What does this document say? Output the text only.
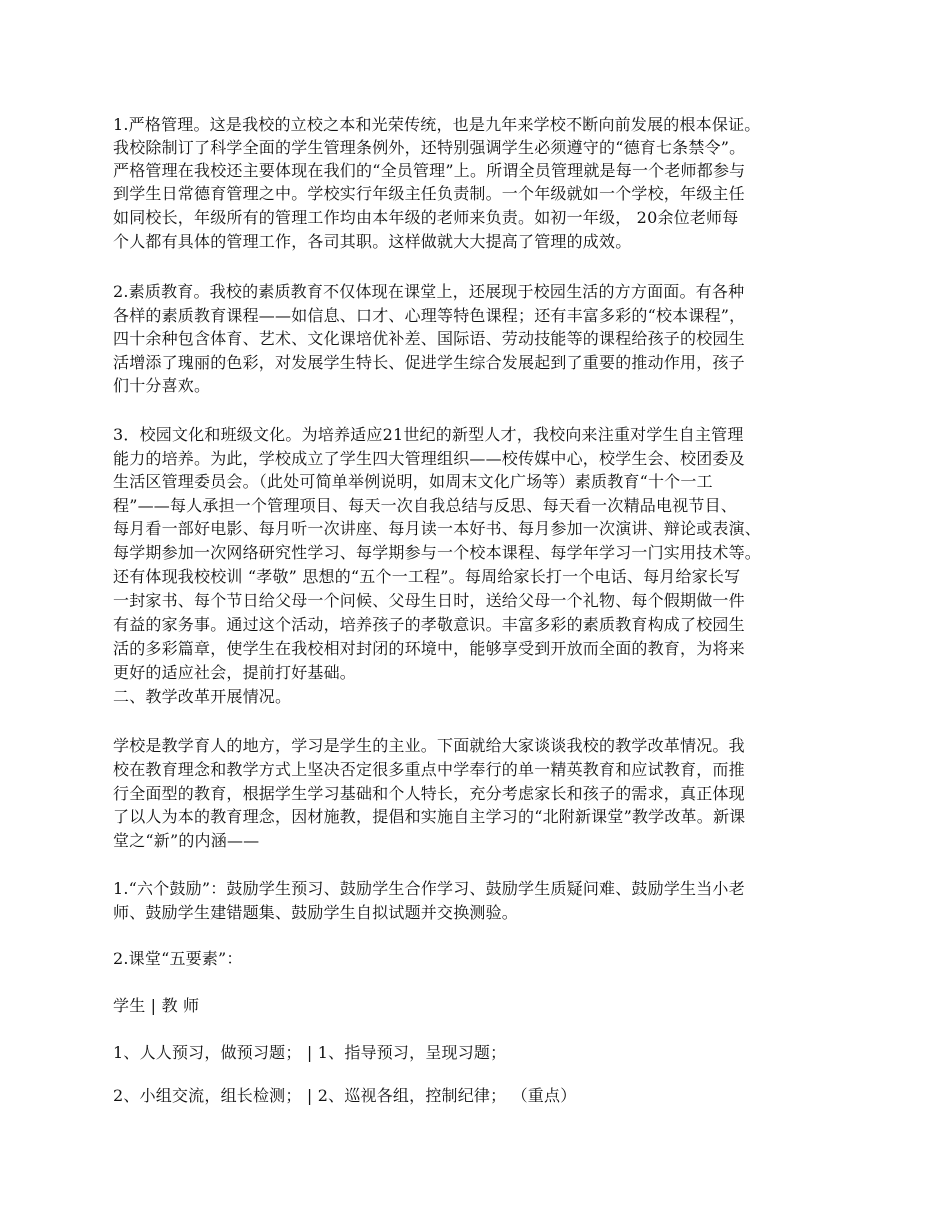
1.严格管理。这是我校的立校之本和光荣传统，也是九年来学校不断向前发展的根本保证。
我校除制订了科学全面的学生管理条例外，还特别强调学生必须遵守的“德育七条禁令”。
严格管理在我校还主要体现在我们的“全员管理”上。所谓全员管理就是每一个老师都参与
到学生日常德育管理之中。学校实行年级主任负责制。一个年级就如一个学校，年级主任
如同校长，年级所有的管理工作均由本年级的老师来负责。如初一年级， 20余位老师每
个人都有具体的管理工作，各司其职。这样做就大大提高了管理的成效。
2.素质教育。我校的素质教育不仅体现在课堂上，还展现于校园生活的方方面面。有各种
各样的素质教育课程——如信息、口才、心理等特色课程；还有丰富多彩的“校本课程”，
四十余种包含体育、艺术、文化课培优补差、国际语、劳动技能等的课程给孩子的校园生
活增添了瑰丽的色彩，对发展学生特长、促进学生综合发展起到了重要的推动作用，孩子
们十分喜欢。
3．校园文化和班级文化。为培养适应21世纪的新型人才，我校向来注重对学生自主管理
能力的培养。为此，学校成立了学生四大管理组织——校传媒中心，校学生会、校团委及
生活区管理委员会。（此处可简单举例说明，如周末文化广场等）素质教育“十个一工
程”——每人承担一个管理项目、每天一次自我总结与反思、每天看一次精品电视节目、
每月看一部好电影、每月听一次讲座、每月读一本好书、每月参加一次演讲、辩论或表演、
每学期参加一次网络研究性学习、每学期参与一个校本课程、每学年学习一门实用技术等。
还有体现我校校训 “孝敬” 思想的“五个一工程”。每周给家长打一个电话、每月给家长写
一封家书、每个节日给父母一个问候、父母生日时，送给父母一个礼物、每个假期做一件
有益的家务事。通过这个活动，培养孩子的孝敬意识。丰富多彩的素质教育构成了校园生
活的多彩篇章，使学生在我校相对封闭的环境中，能够享受到开放而全面的教育，为将来
更好的适应社会，提前打好基础。
二、教学改革开展情况。
学校是教学育人的地方，学习是学生的主业。下面就给大家谈谈我校的教学改革情况。我
校在教育理念和教学方式上坚决否定很多重点中学奉行的单一精英教育和应试教育，而推
行全面型的教育，根据学生学习基础和个人特长，充分考虑家长和孩子的需求，真正体现
了以人为本的教育理念，因材施教，提倡和实施自主学习的“北附新课堂”教学改革。新课
堂之“新”的内涵——
1.“六个鼓励”：鼓励学生预习、鼓励学生合作学习、鼓励学生质疑问难、鼓励学生当小老
师、鼓励学生建错题集、鼓励学生自拟试题并交换测验。
2.课堂“五要素”：
学生 | 教 师
1、人人预习，做预习题； | 1、指导预习，呈现习题；
2、小组交流，组长检测； | 2、巡视各组，控制纪律； （重点）
